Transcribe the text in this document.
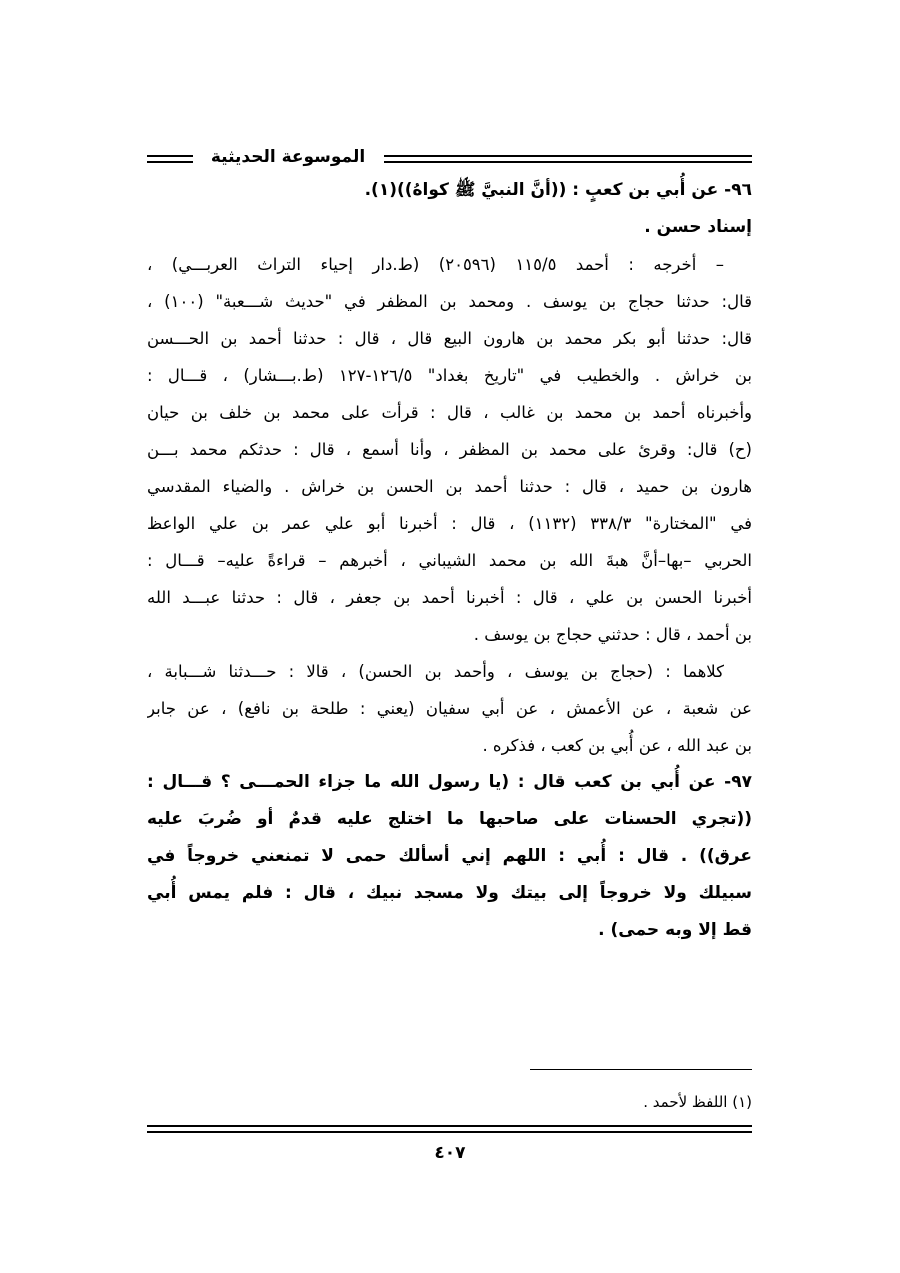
الموسوعة الحديثية
٩٦- عن أُبي بن كعبٍ : ((أنَّ النبيَّ ﷺ كواهُ))(١).
إسناد حسن .
– أخرجه : أحمد ١١٥/٥ (٢٠٥٩٦) (ط.دار إحياء التراث العربـــي) ،
قال: حدثنا حجاج بن يوسف . ومحمد بن المظفر في "حديث شـــعبة" (١٠٠) ،
قال: حدثنا أبو بكر محمد بن هارون البيع قال ، قال : حدثنا أحمد بن الحـــسن
بن خراش . والخطيب في "تاريخ بغداد" ١٢٦/٥-١٢٧ (ط.بـــشار) ، قـــال :
وأخبرناه أحمد بن محمد بن غالب ، قال : قرأت على محمد بن خلف بن حيان
(ح) قال: وقرئ على محمد بن المظفر ، وأنا أسمع ، قال : حدثكم محمد بـــن
هارون بن حميد ، قال : حدثنا أحمد بن الحسن بن خراش . والضياء المقدسي
في "المختارة" ٣٣٨/٣ (١١٣٢) ، قال : أخبرنا أبو علي عمر بن علي الواعظ
الحربي –بها–أنَّ هبةَ الله بن محمد الشيباني ، أخبرهم – قراءةً عليه– قـــال :
أخبرنا الحسن بن علي ، قال : أخبرنا أحمد بن جعفر ، قال : حدثنا عبـــد الله
بن أحمد ، قال : حدثني حجاج بن يوسف .
كلاهما : (حجاج بن يوسف ، وأحمد بن الحسن) ، قالا : حـــدثنا شـــبابة ،
عن شعبة ، عن الأعمش ، عن أبي سفيان (يعني : طلحة بن نافع) ، عن جابر
بن عبد الله ، عن أُبي بن كعب ، فذكره .
٩٧- عن أُبي بن كعب قال : (يا رسول الله ما جزاء الحمـــى ؟ قـــال :
((تجري الحسنات على صاحبها ما اختلج عليه قدمٌ أو ضُربَ عليه
عرق)) . قال : أُبي : اللهم إني أسألك حمى لا تمنعني خروجاً في
سبيلك ولا خروجاً إلى بيتك ولا مسجد نبيك ، قال : فلم يمس أُبي
قط إلا وبه حمى) .
(١) اللفظ لأحمد .
٤٠٧
